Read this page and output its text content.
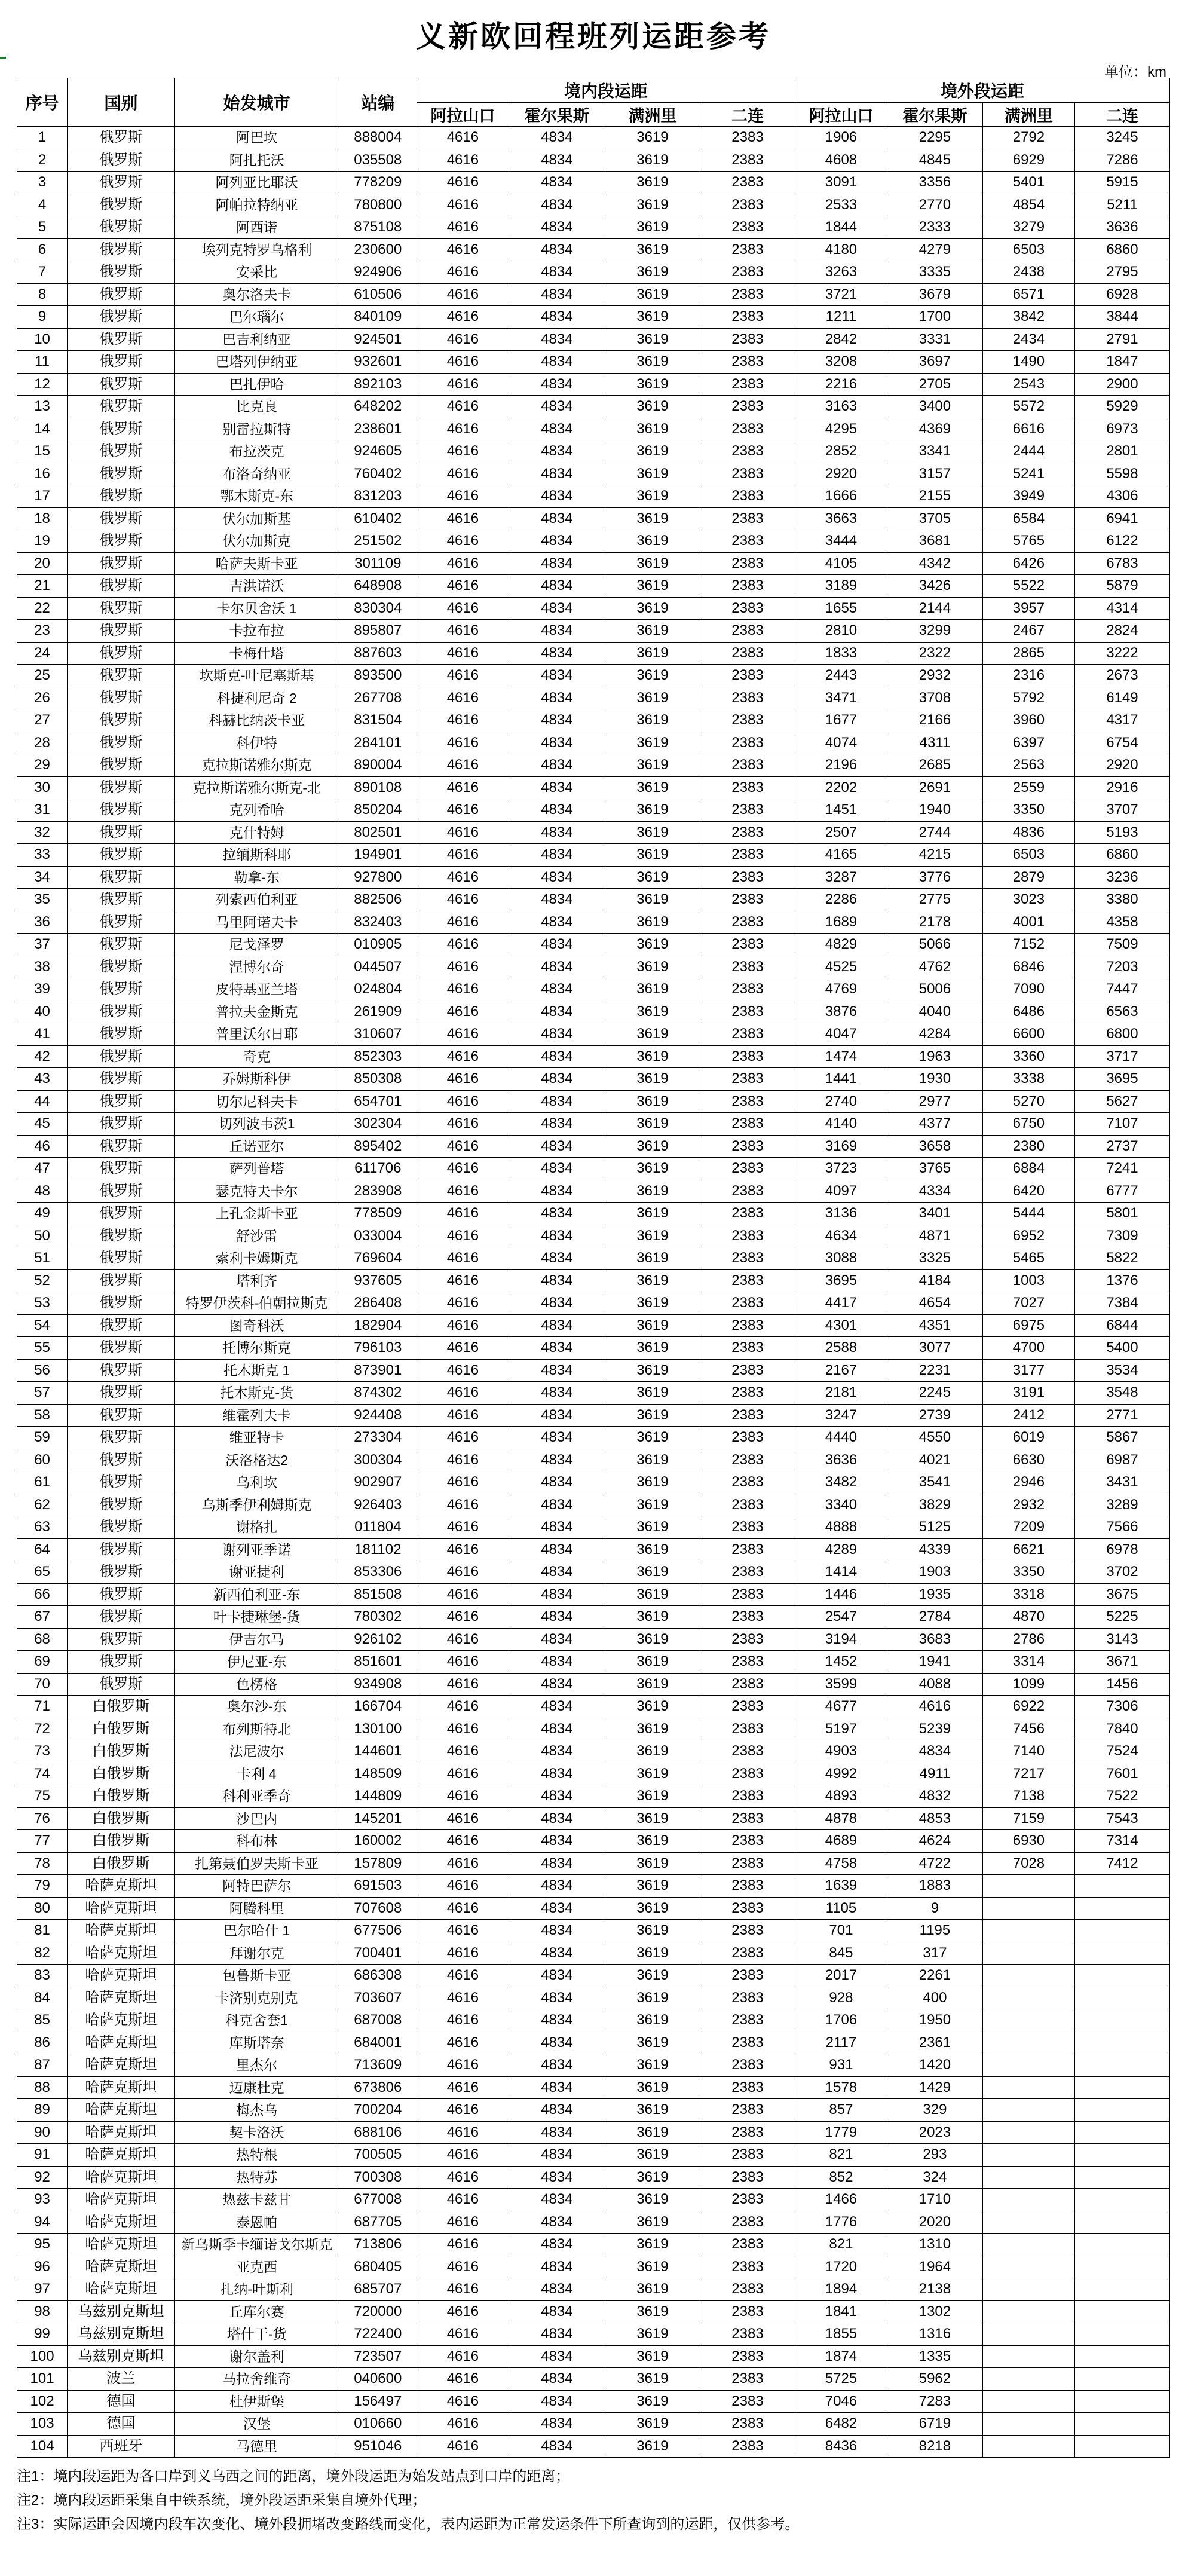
义新欧回程班列运距参考
单位：km
序号	国别	始发城市	站编	境内段运距				境外段运距			
				阿拉山口	霍尔果斯	满洲里	二连	阿拉山口	霍尔果斯	满洲里	二连
1	俄罗斯	阿巴坎	888004	4616	4834	3619	2383	1906	2295	2792	3245
2	俄罗斯	阿扎托沃	035508	4616	4834	3619	2383	4608	4845	6929	7286
3	俄罗斯	阿列亚比耶沃	778209	4616	4834	3619	2383	3091	3356	5401	5915
4	俄罗斯	阿帕拉特纳亚	780800	4616	4834	3619	2383	2533	2770	4854	5211
5	俄罗斯	阿西诺	875108	4616	4834	3619	2383	1844	2333	3279	3636
6	俄罗斯	埃列克特罗乌格利	230600	4616	4834	3619	2383	4180	4279	6503	6860
7	俄罗斯	安采比	924906	4616	4834	3619	2383	3263	3335	2438	2795
8	俄罗斯	奥尔洛夫卡	610506	4616	4834	3619	2383	3721	3679	6571	6928
9	俄罗斯	巴尔瑙尔	840109	4616	4834	3619	2383	1211	1700	3842	3844
10	俄罗斯	巴吉利纳亚	924501	4616	4834	3619	2383	2842	3331	2434	2791
11	俄罗斯	巴塔列伊纳亚	932601	4616	4834	3619	2383	3208	3697	1490	1847
12	俄罗斯	巴扎伊哈	892103	4616	4834	3619	2383	2216	2705	2543	2900
13	俄罗斯	比克良	648202	4616	4834	3619	2383	3163	3400	5572	5929
14	俄罗斯	别雷拉斯特	238601	4616	4834	3619	2383	4295	4369	6616	6973
15	俄罗斯	布拉茨克	924605	4616	4834	3619	2383	2852	3341	2444	2801
16	俄罗斯	布洛奇纳亚	760402	4616	4834	3619	2383	2920	3157	5241	5598
17	俄罗斯	鄂木斯克-东	831203	4616	4834	3619	2383	1666	2155	3949	4306
18	俄罗斯	伏尔加斯基	610402	4616	4834	3619	2383	3663	3705	6584	6941
19	俄罗斯	伏尔加斯克	251502	4616	4834	3619	2383	3444	3681	5765	6122
20	俄罗斯	哈萨夫斯卡亚	301109	4616	4834	3619	2383	4105	4342	6426	6783
21	俄罗斯	吉洪诺沃	648908	4616	4834	3619	2383	3189	3426	5522	5879
22	俄罗斯	卡尔贝舍沃 1	830304	4616	4834	3619	2383	1655	2144	3957	4314
23	俄罗斯	卡拉布拉	895807	4616	4834	3619	2383	2810	3299	2467	2824
24	俄罗斯	卡梅什塔	887603	4616	4834	3619	2383	1833	2322	2865	3222
25	俄罗斯	坎斯克-叶尼塞斯基	893500	4616	4834	3619	2383	2443	2932	2316	2673
26	俄罗斯	科捷利尼奇 2	267708	4616	4834	3619	2383	3471	3708	5792	6149
27	俄罗斯	科赫比纳茨卡亚	831504	4616	4834	3619	2383	1677	2166	3960	4317
28	俄罗斯	科伊特	284101	4616	4834	3619	2383	4074	4311	6397	6754
29	俄罗斯	克拉斯诺雅尔斯克	890004	4616	4834	3619	2383	2196	2685	2563	2920
30	俄罗斯	克拉斯诺雅尔斯克-北	890108	4616	4834	3619	2383	2202	2691	2559	2916
31	俄罗斯	克列希哈	850204	4616	4834	3619	2383	1451	1940	3350	3707
32	俄罗斯	克什特姆	802501	4616	4834	3619	2383	2507	2744	4836	5193
33	俄罗斯	拉缅斯科耶	194901	4616	4834	3619	2383	4165	4215	6503	6860
34	俄罗斯	勒拿-东	927800	4616	4834	3619	2383	3287	3776	2879	3236
35	俄罗斯	列索西伯利亚	882506	4616	4834	3619	2383	2286	2775	3023	3380
36	俄罗斯	马里阿诺夫卡	832403	4616	4834	3619	2383	1689	2178	4001	4358
37	俄罗斯	尼戈泽罗	010905	4616	4834	3619	2383	4829	5066	7152	7509
38	俄罗斯	涅博尔奇	044507	4616	4834	3619	2383	4525	4762	6846	7203
39	俄罗斯	皮特基亚兰塔	024804	4616	4834	3619	2383	4769	5006	7090	7447
40	俄罗斯	普拉夫金斯克	261909	4616	4834	3619	2383	3876	4040	6486	6563
41	俄罗斯	普里沃尔日耶	310607	4616	4834	3619	2383	4047	4284	6600	6800
42	俄罗斯	奇克	852303	4616	4834	3619	2383	1474	1963	3360	3717
43	俄罗斯	乔姆斯科伊	850308	4616	4834	3619	2383	1441	1930	3338	3695
44	俄罗斯	切尔尼科夫卡	654701	4616	4834	3619	2383	2740	2977	5270	5627
45	俄罗斯	切列波韦茨1	302304	4616	4834	3619	2383	4140	4377	6750	7107
46	俄罗斯	丘诺亚尔	895402	4616	4834	3619	2383	3169	3658	2380	2737
47	俄罗斯	萨列普塔	611706	4616	4834	3619	2383	3723	3765	6884	7241
48	俄罗斯	瑟克特夫卡尔	283908	4616	4834	3619	2383	4097	4334	6420	6777
49	俄罗斯	上孔金斯卡亚	778509	4616	4834	3619	2383	3136	3401	5444	5801
50	俄罗斯	舒沙雷	033004	4616	4834	3619	2383	4634	4871	6952	7309
51	俄罗斯	索利卡姆斯克	769604	4616	4834	3619	2383	3088	3325	5465	5822
52	俄罗斯	塔利齐	937605	4616	4834	3619	2383	3695	4184	1003	1376
53	俄罗斯	特罗伊茨科-伯朝拉斯克	286408	4616	4834	3619	2383	4417	4654	7027	7384
54	俄罗斯	图奇科沃	182904	4616	4834	3619	2383	4301	4351	6975	6844
55	俄罗斯	托博尔斯克	796103	4616	4834	3619	2383	2588	3077	4700	5400
56	俄罗斯	托木斯克 1	873901	4616	4834	3619	2383	2167	2231	3177	3534
57	俄罗斯	托木斯克-货	874302	4616	4834	3619	2383	2181	2245	3191	3548
58	俄罗斯	维霍列夫卡	924408	4616	4834	3619	2383	3247	2739	2412	2771
59	俄罗斯	维亚特卡	273304	4616	4834	3619	2383	4440	4550	6019	5867
60	俄罗斯	沃洛格达2	300304	4616	4834	3619	2383	3636	4021	6630	6987
61	俄罗斯	乌利坎	902907	4616	4834	3619	2383	3482	3541	2946	3431
62	俄罗斯	乌斯季伊利姆斯克	926403	4616	4834	3619	2383	3340	3829	2932	3289
63	俄罗斯	谢格扎	011804	4616	4834	3619	2383	4888	5125	7209	7566
64	俄罗斯	谢列亚季诺	181102	4616	4834	3619	2383	4289	4339	6621	6978
65	俄罗斯	谢亚捷利	853306	4616	4834	3619	2383	1414	1903	3350	3702
66	俄罗斯	新西伯利亚-东	851508	4616	4834	3619	2383	1446	1935	3318	3675
67	俄罗斯	叶卡捷琳堡-货	780302	4616	4834	3619	2383	2547	2784	4870	5225
68	俄罗斯	伊吉尔马	926102	4616	4834	3619	2383	3194	3683	2786	3143
69	俄罗斯	伊尼亚-东	851601	4616	4834	3619	2383	1452	1941	3314	3671
70	俄罗斯	色楞格	934908	4616	4834	3619	2383	3599	4088	1099	1456
71	白俄罗斯	奥尔沙-东	166704	4616	4834	3619	2383	4677	4616	6922	7306
72	白俄罗斯	布列斯特北	130100	4616	4834	3619	2383	5197	5239	7456	7840
73	白俄罗斯	法尼波尔	144601	4616	4834	3619	2383	4903	4834	7140	7524
74	白俄罗斯	卡利 4	148509	4616	4834	3619	2383	4992	4911	7217	7601
75	白俄罗斯	科利亚季奇	144809	4616	4834	3619	2383	4893	4832	7138	7522
76	白俄罗斯	沙巴内	145201	4616	4834	3619	2383	4878	4853	7159	7543
77	白俄罗斯	科布林	160002	4616	4834	3619	2383	4689	4624	6930	7314
78	白俄罗斯	扎第聂伯罗夫斯卡亚	157809	4616	4834	3619	2383	4758	4722	7028	7412
79	哈萨克斯坦	阿特巴萨尔	691503	4616	4834	3619	2383	1639	1883		
80	哈萨克斯坦	阿腾科里	707608	4616	4834	3619	2383	1105	9		
81	哈萨克斯坦	巴尔哈什 1	677506	4616	4834	3619	2383	701	1195		
82	哈萨克斯坦	拜谢尔克	700401	4616	4834	3619	2383	845	317		
83	哈萨克斯坦	包鲁斯卡亚	686308	4616	4834	3619	2383	2017	2261		
84	哈萨克斯坦	卡济别克别克	703607	4616	4834	3619	2383	928	400		
85	哈萨克斯坦	科克舍套1	687008	4616	4834	3619	2383	1706	1950		
86	哈萨克斯坦	库斯塔奈	684001	4616	4834	3619	2383	2117	2361		
87	哈萨克斯坦	里杰尔	713609	4616	4834	3619	2383	931	1420		
88	哈萨克斯坦	迈康杜克	673806	4616	4834	3619	2383	1578	1429		
89	哈萨克斯坦	梅杰乌	700204	4616	4834	3619	2383	857	329		
90	哈萨克斯坦	契卡洛沃	688106	4616	4834	3619	2383	1779	2023		
91	哈萨克斯坦	热特根	700505	4616	4834	3619	2383	821	293		
92	哈萨克斯坦	热特苏	700308	4616	4834	3619	2383	852	324		
93	哈萨克斯坦	热兹卡兹甘	677008	4616	4834	3619	2383	1466	1710		
94	哈萨克斯坦	泰恩帕	687705	4616	4834	3619	2383	1776	2020		
95	哈萨克斯坦	新乌斯季卡缅诺戈尔斯克	713806	4616	4834	3619	2383	821	1310		
96	哈萨克斯坦	亚克西	680405	4616	4834	3619	2383	1720	1964		
97	哈萨克斯坦	扎纳-叶斯利	685707	4616	4834	3619	2383	1894	2138		
98	乌兹别克斯坦	丘库尔赛	720000	4616	4834	3619	2383	1841	1302		
99	乌兹别克斯坦	塔什干-货	722400	4616	4834	3619	2383	1855	1316		
100	乌兹别克斯坦	谢尔盖利	723507	4616	4834	3619	2383	1874	1335		
101	波兰	马拉舍维奇	040600	4616	4834	3619	2383	5725	5962		
102	德国	杜伊斯堡	156497	4616	4834	3619	2383	7046	7283		
103	德国	汉堡	010660	4616	4834	3619	2383	6482	6719		
104	西班牙	马德里	951046	4616	4834	3619	2383	8436	8218		
注1：境内段运距为各口岸到义乌西之间的距离，境外段运距为始发站点到口岸的距离；
注2：境内段运距采集自中铁系统，境外段运距采集自境外代理；
注3：实际运距会因境内段车次变化、境外段拥堵改变路线而变化，表内运距为正常发运条件下所查询到的运距，仅供参考。
